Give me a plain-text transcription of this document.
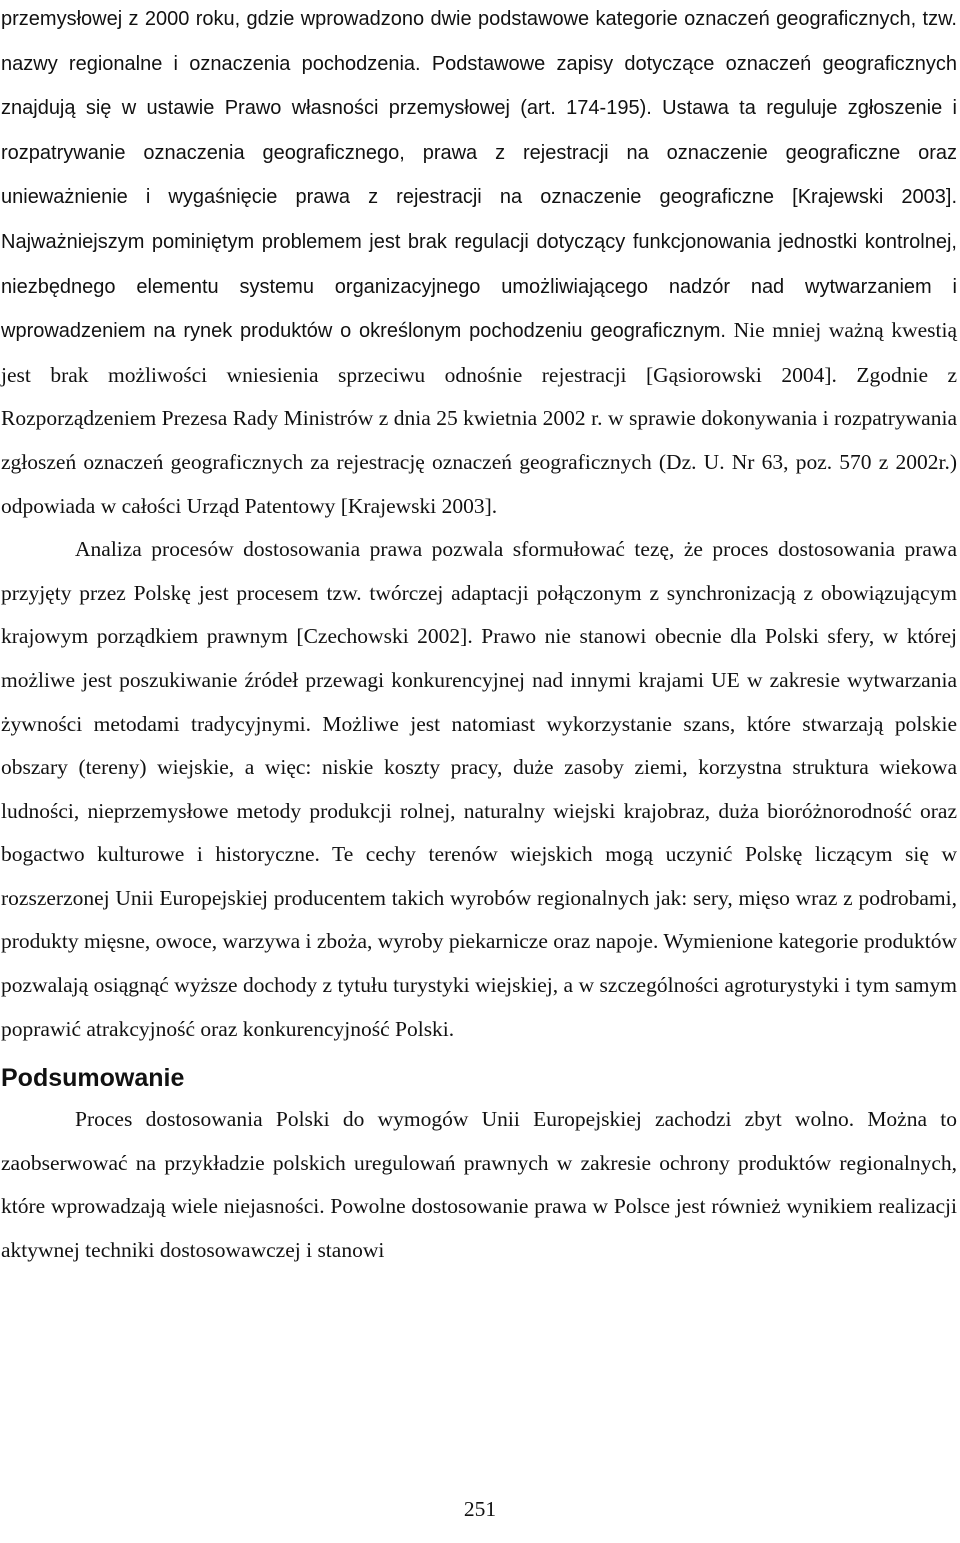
przemysłowej z 2000 roku, gdzie wprowadzono dwie podstawowe kategorie oznaczeń geograficznych, tzw. nazwy regionalne i oznaczenia pochodzenia. Podstawowe zapisy dotyczące oznaczeń geograficznych znajdują się w ustawie Prawo własności przemysłowej (art. 174-195). Ustawa ta reguluje zgłoszenie i rozpatrywanie oznaczenia geograficznego, prawa z rejestracji na oznaczenie geograficzne oraz unieważnienie i wygaśnięcie prawa z rejestracji na oznaczenie geograficzne [Krajewski 2003]. Najważniejszym pominiętym problemem jest brak regulacji dotyczący funkcjonowania jednostki kontrolnej, niezbędnego elementu systemu organizacyjnego umożliwiającego nadzór nad wytwarzaniem i wprowadzeniem na rynek produktów o określonym pochodzeniu geograficznym. Nie mniej ważną kwestią jest brak możliwości wniesienia sprzeciwu odnośnie rejestracji [Gąsiorowski 2004]. Zgodnie z Rozporządzeniem Prezesa Rady Ministrów z dnia 25 kwietnia 2002 r. w sprawie dokonywania i rozpatrywania zgłoszeń oznaczeń geograficznych za rejestrację oznaczeń geograficznych (Dz. U. Nr 63, poz. 570 z 2002r.) odpowiada w całości Urząd Patentowy [Krajewski 2003].

Analiza procesów dostosowania prawa pozwala sformułować tezę, że proces dostosowania prawa przyjęty przez Polskę jest procesem tzw. twórczej adaptacji połączonym z synchronizacją z obowiązującym krajowym porządkiem prawnym [Czechowski 2002]. Prawo nie stanowi obecnie dla Polski sfery, w której możliwe jest poszukiwanie źródeł przewagi konkurencyjnej nad innymi krajami UE w zakresie wytwarzania żywności metodami tradycyjnymi. Możliwe jest natomiast wykorzystanie szans, które stwarzają polskie obszary (tereny) wiejskie, a więc: niskie koszty pracy, duże zasoby ziemi, korzystna struktura wiekowa ludności, nieprzemysłowe metody produkcji rolnej, naturalny wiejski krajobraz, duża bioróżnorodność oraz bogactwo kulturowe i historyczne. Te cechy terenów wiejskich mogą uczynić Polskę liczącym się w rozszerzonej Unii Europejskiej producentem takich wyrobów regionalnych jak: sery, mięso wraz z podrobami, produkty mięsne, owoce, warzywa i zboża, wyroby piekarnicze oraz napoje. Wymienione kategorie produktów pozwalają osiągnąć wyższe dochody z tytułu turystyki wiejskiej, a w szczególności agroturystyki i tym samym poprawić atrakcyjność oraz konkurencyjność Polski.

Podsumowanie

Proces dostosowania Polski do wymogów Unii Europejskiej zachodzi zbyt wolno. Można to zaobserwować na przykładzie polskich uregulowań prawnych w zakresie ochrony produktów regionalnych, które wprowadzają wiele niejasności. Powolne dostosowanie prawa w Polsce jest również wynikiem realizacji aktywnej techniki dostosowawczej i stanowi

251
